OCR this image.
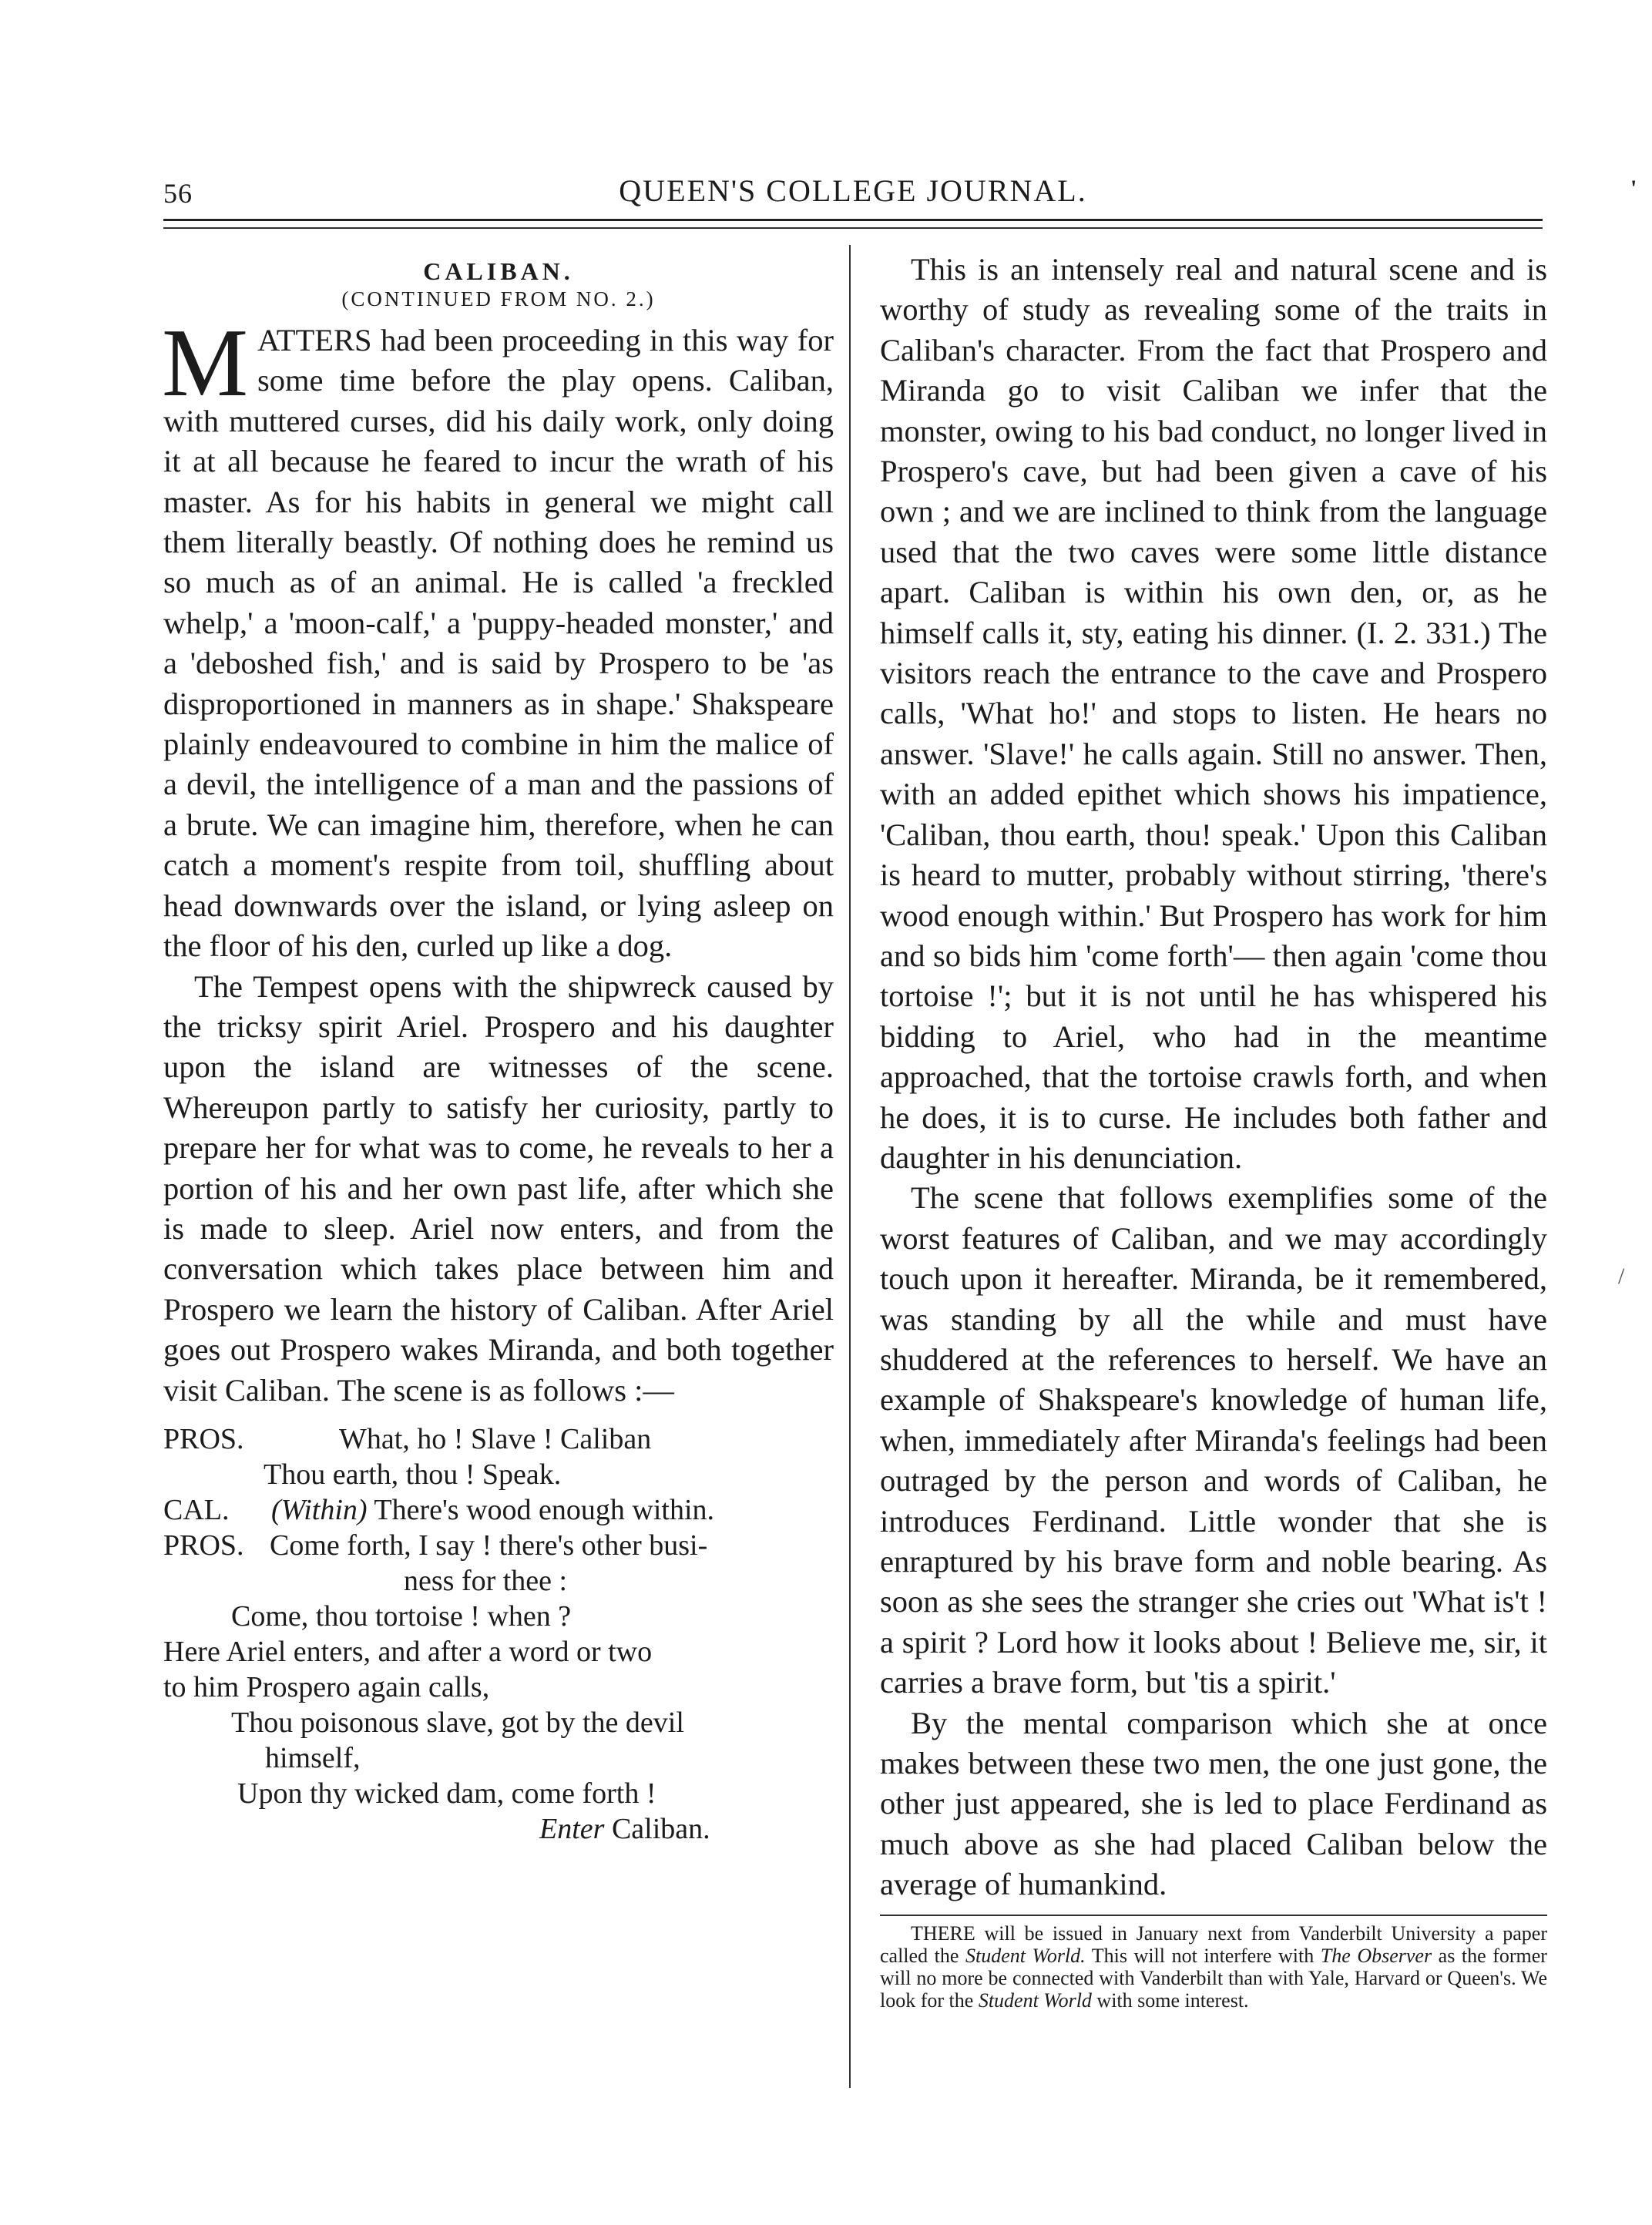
56	QUEEN'S COLLEGE JOURNAL.
CALIBAN.
(CONTINUED FROM NO. 2.)

MATTERS had been proceeding in this way for some time before the play opens. Caliban, with muttered curses, did his daily work, only doing it at all because he feared to incur the wrath of his master. As for his habits in general we might call them literally beastly. Of nothing does he remind us so much as of an animal. He is called 'a freckled whelp,' a 'moon-calf,' a 'puppy-headed monster,' and a 'deboshed fish,' and is said by Prospero to be 'as disproportioned in manners as in shape.' Shakspeare plainly endeavoured to combine in him the malice of a devil, the intelligence of a man and the passions of a brute. We can imagine him, therefore, when he can catch a moment's respite from toil, shuffling about head downwards over the island, or lying asleep on the floor of his den, curled up like a dog.

The Tempest opens with the shipwreck caused by the tricksy spirit Ariel. Prospero and his daughter upon the island are witnesses of the scene. Whereupon partly to satisfy her curiosity, partly to prepare her for what was to come, he reveals to her a portion of his and her own past life, after which she is made to sleep. Ariel now enters, and from the conversation which takes place between him and Prospero we learn the history of Caliban. After Ariel goes out Prospero wakes Miranda, and both together visit Caliban. The scene is as follows :—

PROS.	What, ho ! Slave ! Caliban
Thou earth, thou ! Speak.
CAL. (Within) There's wood enough within.
PROS. Come forth, I say ! there's other busi-
ness for thee :
Come, thou tortoise ! when ?
Here Ariel enters, and after a word or two
to him Prospero again calls,
Thou poisonous slave, got by the devil
himself,
Upon thy wicked dam, come forth !
Enter Caliban.

This is an intensely real and natural scene and is worthy of study as revealing some of the traits in Caliban's character. From the fact that Prospero and Miranda go to visit Caliban we infer that the monster, owing to his bad conduct, no longer lived in Prospero's cave, but had been given a cave of his own ; and we are inclined to think from the language used that the two caves were some little distance apart. Caliban is within his own den, or, as he himself calls it, sty, eating his dinner. (I. 2. 331.) The visitors reach the entrance to the cave and Prospero calls, 'What ho!' and stops to listen. He hears no answer. 'Slave!' he calls again. Still no answer. Then, with an added epithet which shows his impatience, 'Caliban, thou earth, thou! speak.' Upon this Caliban is heard to mutter, probably without stirring, 'there's wood enough within.' But Prospero has work for him and so bids him 'come forth'— then again 'come thou tortoise !'; but it is not until he has whispered his bidding to Ariel, who had in the meantime approached, that the tortoise crawls forth, and when he does, it is to curse. He includes both father and daughter in his denunciation.

The scene that follows exemplifies some of the worst features of Caliban, and we may accordingly touch upon it hereafter. Miranda, be it remembered, was standing by all the while and must have shuddered at the references to herself. We have an example of Shakspeare's knowledge of human life, when, immediately after Miranda's feelings had been outraged by the person and words of Caliban, he introduces Ferdinand. Little wonder that she is enraptured by his brave form and noble bearing. As soon as she sees the stranger she cries out 'What is't ! a spirit ? Lord how it looks about ! Believe me, sir, it carries a brave form, but 'tis a spirit.'

By the mental comparison which she at once makes between these two men, the one just gone, the other just appeared, she is led to place Ferdinand as much above as she had placed Caliban below the average of humankind.

THERE will be issued in January next from Vanderbilt University a paper called the Student World. This will not interfere with The Observer as the former will no more be connected with Vanderbilt than with Yale, Harvard or Queen's. We look for the Student World with some interest.

'
/
